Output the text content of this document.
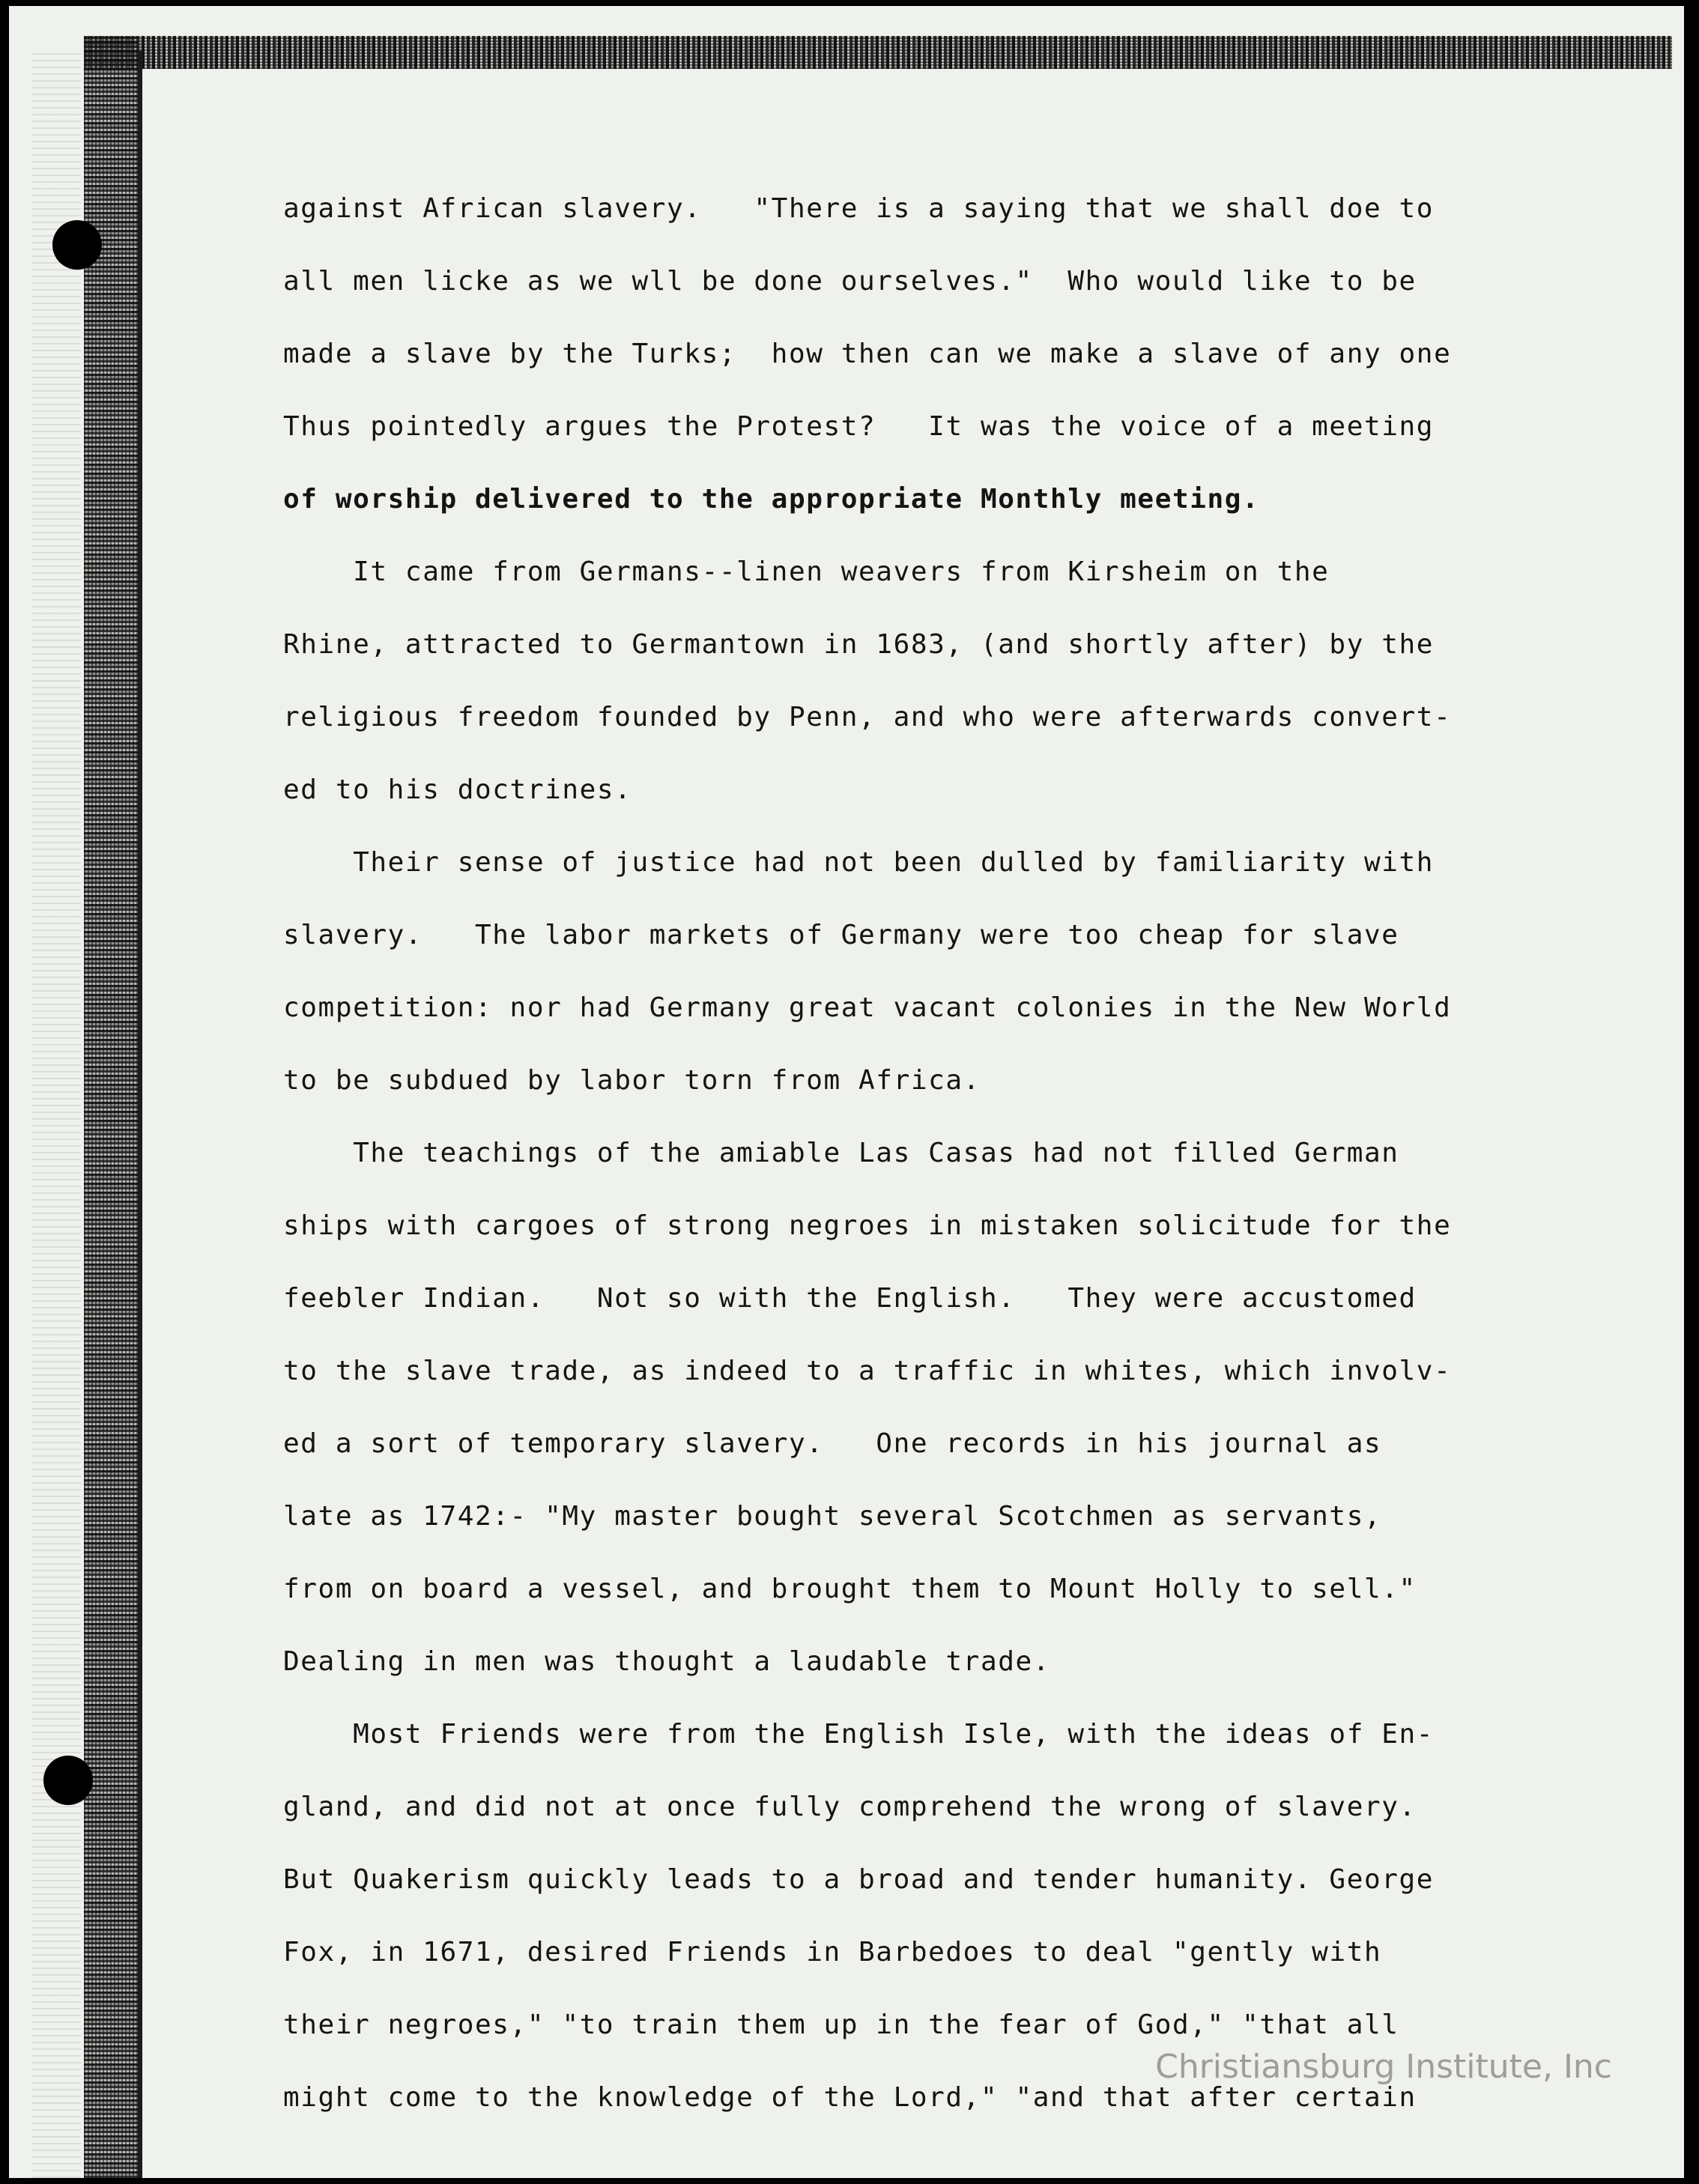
against African slavery.   "There is a saying that we shall doe to
all men licke as we wll be done ourselves."  Who would like to be
made a slave by the Turks;  how then can we make a slave of any one
Thus pointedly argues the Protest?   It was the voice of a meeting
of worship delivered to the appropriate Monthly meeting.
It came from Germans--linen weavers from Kirsheim on the
Rhine, attracted to Germantown in 1683, (and shortly after) by the
religious freedom founded by Penn, and who were afterwards convert-
ed to his doctrines.
Their sense of justice had not been dulled by familiarity with
slavery.   The labor markets of Germany were too cheap for slave
competition: nor had Germany great vacant colonies in the New World
to be subdued by labor torn from Africa.
The teachings of the amiable Las Casas had not filled German
ships with cargoes of strong negroes in mistaken solicitude for the
feebler Indian.   Not so with the English.   They were accustomed
to the slave trade, as indeed to a traffic in whites, which involv-
ed a sort of temporary slavery.   One records in his journal as
late as 1742:- "My master bought several Scotchmen as servants,
from on board a vessel, and brought them to Mount Holly to sell."
Dealing in men was thought a laudable trade.
Most Friends were from the English Isle, with the ideas of En-
gland, and did not at once fully comprehend the wrong of slavery.
But Quakerism quickly leads to a broad and tender humanity. George
Fox, in 1671, desired Friends in Barbedoes to deal "gently with
their negroes," "to train them up in the fear of God," "that all
might come to the knowledge of the Lord," "and that after certain
Christiansburg Institute, Inc
